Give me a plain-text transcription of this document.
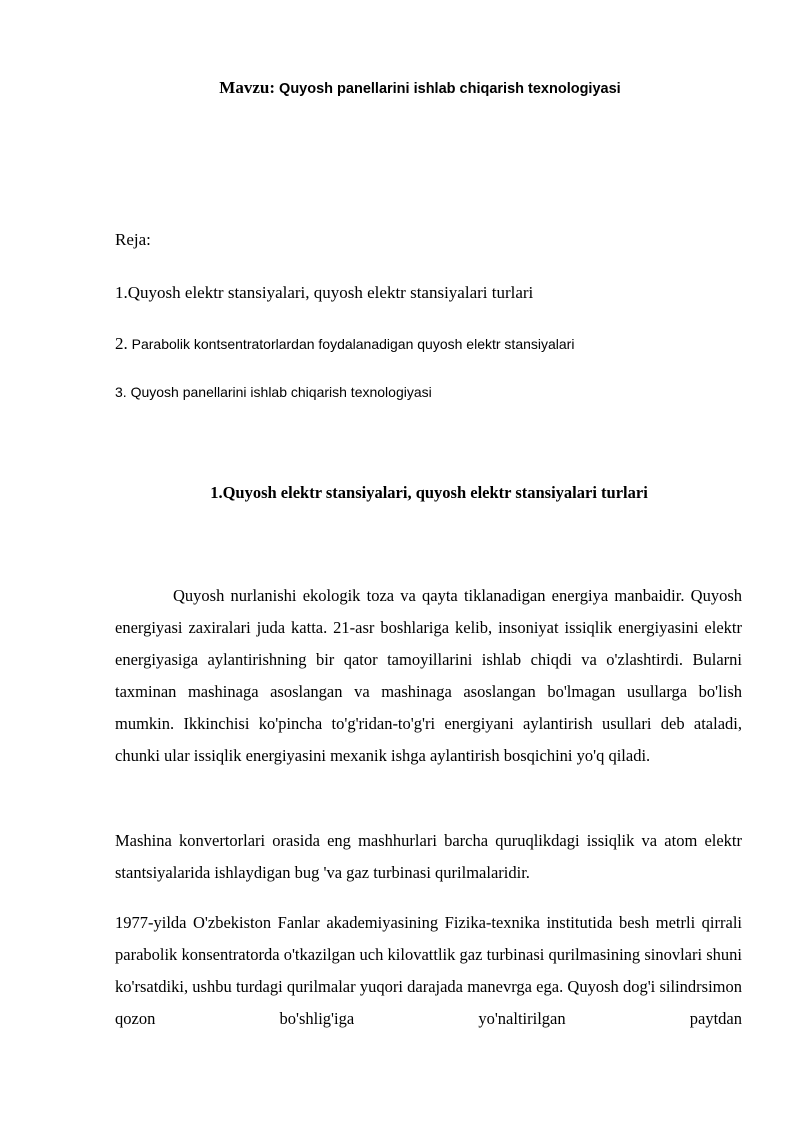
Mavzu: Quyosh panellarini ishlab chiqarish texnologiyasi
Reja:
1.Quyosh elektr stansiyalari, quyosh elektr stansiyalari turlari
2. Parabolik kontsentratorlardan foydalanadigan quyosh elektr stansiyalari
3. Quyosh panellarini ishlab chiqarish texnologiyasi
1.Quyosh elektr stansiyalari, quyosh elektr stansiyalari turlari

Quyosh nurlanishi ekologik toza va qayta tiklanadigan energiya manbaidir. Quyosh energiyasi zaxiralari juda katta. 21-asr boshlariga kelib, insoniyat issiqlik energiyasini elektr energiyasiga aylantirishning bir qator tamoyillarini ishlab chiqdi va o'zlashtirdi. Bularni taxminan mashinaga asoslangan va mashinaga asoslangan bo'lmagan usullarga bo'lish mumkin. Ikkinchisi ko'pincha to'g'ridan-to'g'ri energiyani aylantirish usullari deb ataladi, chunki ular issiqlik energiyasini mexanik ishga aylantirish bosqichini yo'q qiladi.

Mashina konvertorlari orasida eng mashhurlari barcha quruqlikdagi issiqlik va atom elektr stantsiyalarida ishlaydigan bug 'va gaz turbinasi qurilmalaridir.

1977-yilda O'zbekiston Fanlar akademiyasining Fizika-texnika institutida besh metrli qirrali parabolik konsentratorda o'tkazilgan uch kilovattlik gaz turbinasi qurilmasining sinovlari shuni ko'rsatdiki, ushbu turdagi qurilmalar yuqori darajada manevrga ega. Quyosh dog'i silindrsimon qozon bo'shlig'iga yo'naltirilgan paytdan
